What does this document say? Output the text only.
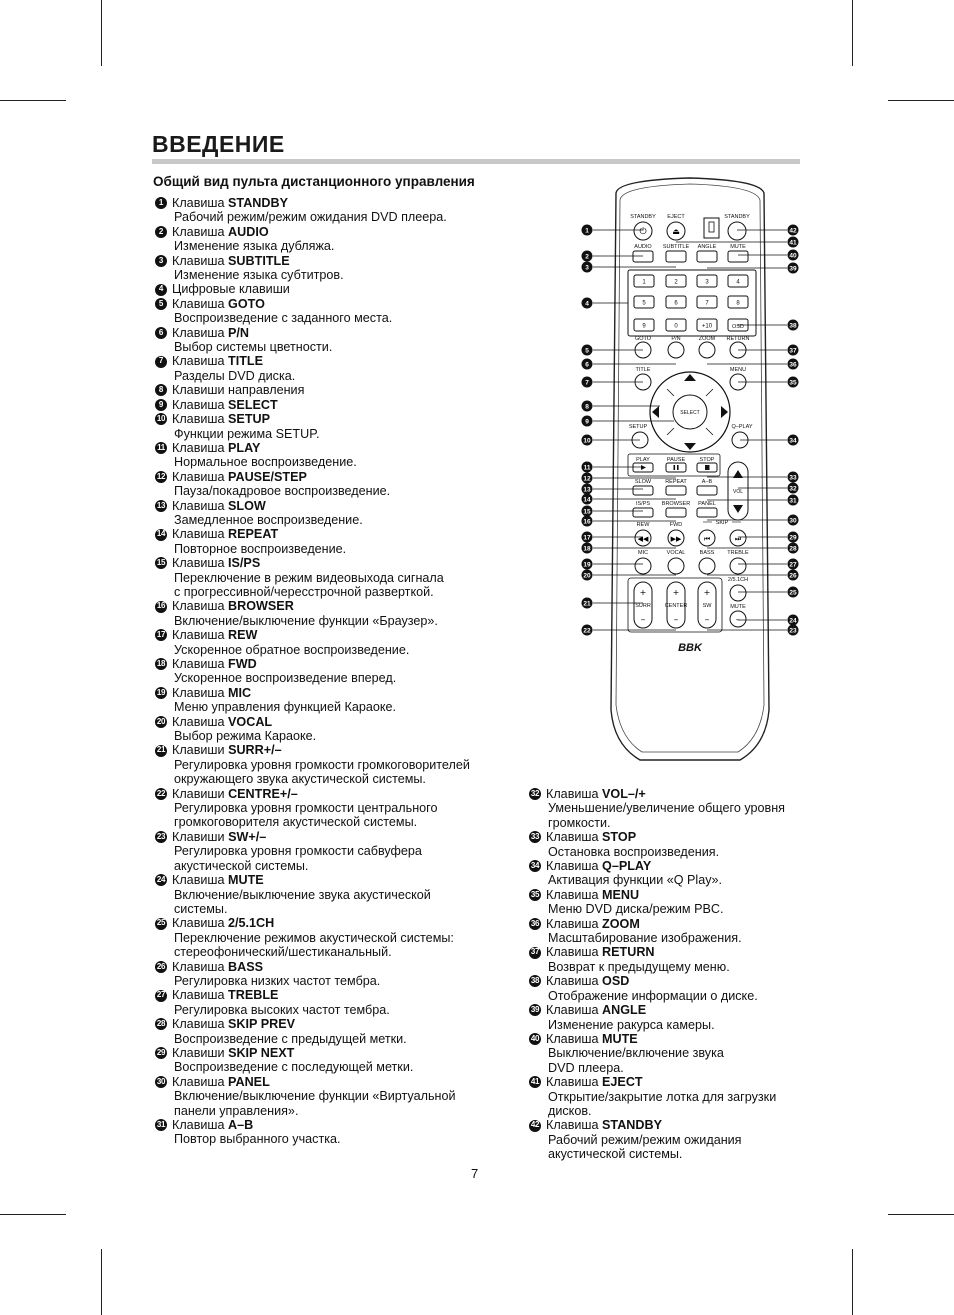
ВВЕДЕНИЕ
Общий вид пульта дистанционного управления
1 Клавиша
STANDBY
Рабочий режим/режим ожидания DVD плеера.
2 Клавиша
AUDIO
Изменение языка дубляжа.
3 Клавиша
SUBTITLE
Изменение языка субтитров.
4 Цифровые клавиши
5 Клавиша
GOTO
Воспроизведение с заданного места.
6 Клавиша
P/N
Выбор системы цветности.
7 Клавиша
TITLE
Разделы DVD диска.
8 Клавиши направления
9 Клавиша
SELECT
10 Клавиша
SETUP
Функции режима SETUP.
11 Клавиша
PLAY
Нормальное воспроизведение.
12 Клавиша
PAUSE/STEP
Пауза/покадровое воспроизведение.
13 Клавиша
SLOW
Замедленное воспроизведение.
14 Клавиша
REPEAT
Повторное воспроизведение.
15 Клавиша
IS/PS
Переключение в режим видеовыхода сигнала
с прогрессивной/чересстрочной разверткой.
16 Клавиша
BROWSER
Включение/выключение функции «Браузер».
17 Клавиша
REW
Ускоренное обратное воспроизведение.
18 Клавиша
FWD
Ускоренное воспроизведение вперед.
19 Клавиша
MIC
Меню управления функцией Караоке.
20 Клавиша
VOCAL
Выбор режима Караоке.
21 Клавиши
SURR+/–
Регулировка уровня громкости громкоговорителей
окружающего звука акустической системы.
22 Клавиши
CENTRE+/–
Регулировка уровня громкости центрального
громкоговорителя акустической системы.
23 Клавиши
SW+/–
Регулировка уровня громкости сабвуфера
акустической системы.
24 Клавиша
MUTE
Включение/выключение звука акустической
системы.
25 Клавиша
2/5.1CH
Переключение режимов акустической системы:
стереофонический/шестиканальный.
26 Клавиша
BASS
Регулировка низких частот тембра.
27 Клавиша
TREBLE
Регулировка высоких частот тембра.
28 Клавиша
SKIP PREV
Воспроизведение с предыдущей метки.
29 Клавиши
SKIP NEXT
Воспроизведение с последующей метки.
30 Клавиша
PANEL
Включение/выключение функции «Виртуальной
панели управления».
31 Клавиша
A–B
Повтор выбранного участка.
32 Клавиша
VOL–/+
Уменьшение/увеличение общего уровня
громкости.
33 Клавиша
STOP
Остановка воспроизведения.
34 Клавиша
Q–PLAY
Активация функции «Q Play».
35 Клавиша
MENU
Меню DVD диска/режим PBC.
36 Клавиша
ZOOM
Масштабирование изображения.
37 Клавиша
RETURN
Возврат к предыдущему меню.
38 Клавиша
OSD
Отображение информации о диске.
39 Клавиша
ANGLE
Изменение ракурса камеры.
40 Клавиша
MUTE
Выключение/включение звука
DVD плеера.
41 Клавиша
EJECT
Открытие/закрытие лотка для загрузки
дисков.
42 Клавиша
STANDBY
Рабочий режим/режим ожидания
акустической системы.
STANDBY EJECT	STANDBY
⏻	⏏
AUDIO SUBTITLE ANGLE	MUTE
1	2	3	4
5	6	7	8
9	0	+10	OSD
GOTO	P/N	ZOOM RETURN
TITLE	MENU
SELECT
SETUP	Q–PLAY
PLAY	PAUSE	STOP
VOL
SLOW	REPEAT	A–B
IS/PS BROWSER PANEL
REW	FWD	SKIP
◀◀	▶▶	⏮	⏭
MIC	VOCAL	BASS TREBLE
2/5.1CH
+
–
SURR
+
–
CENTER
+
–
SW	MUTE
–
BBK
1
2
3
4
5
6
7
8
9
10
11
12
13
14
15
16
17
18
19
20
21
22
42
41
40
39
38
37
36
35
34
33
32
31
30
29
28
27
26
25
24
23
7
